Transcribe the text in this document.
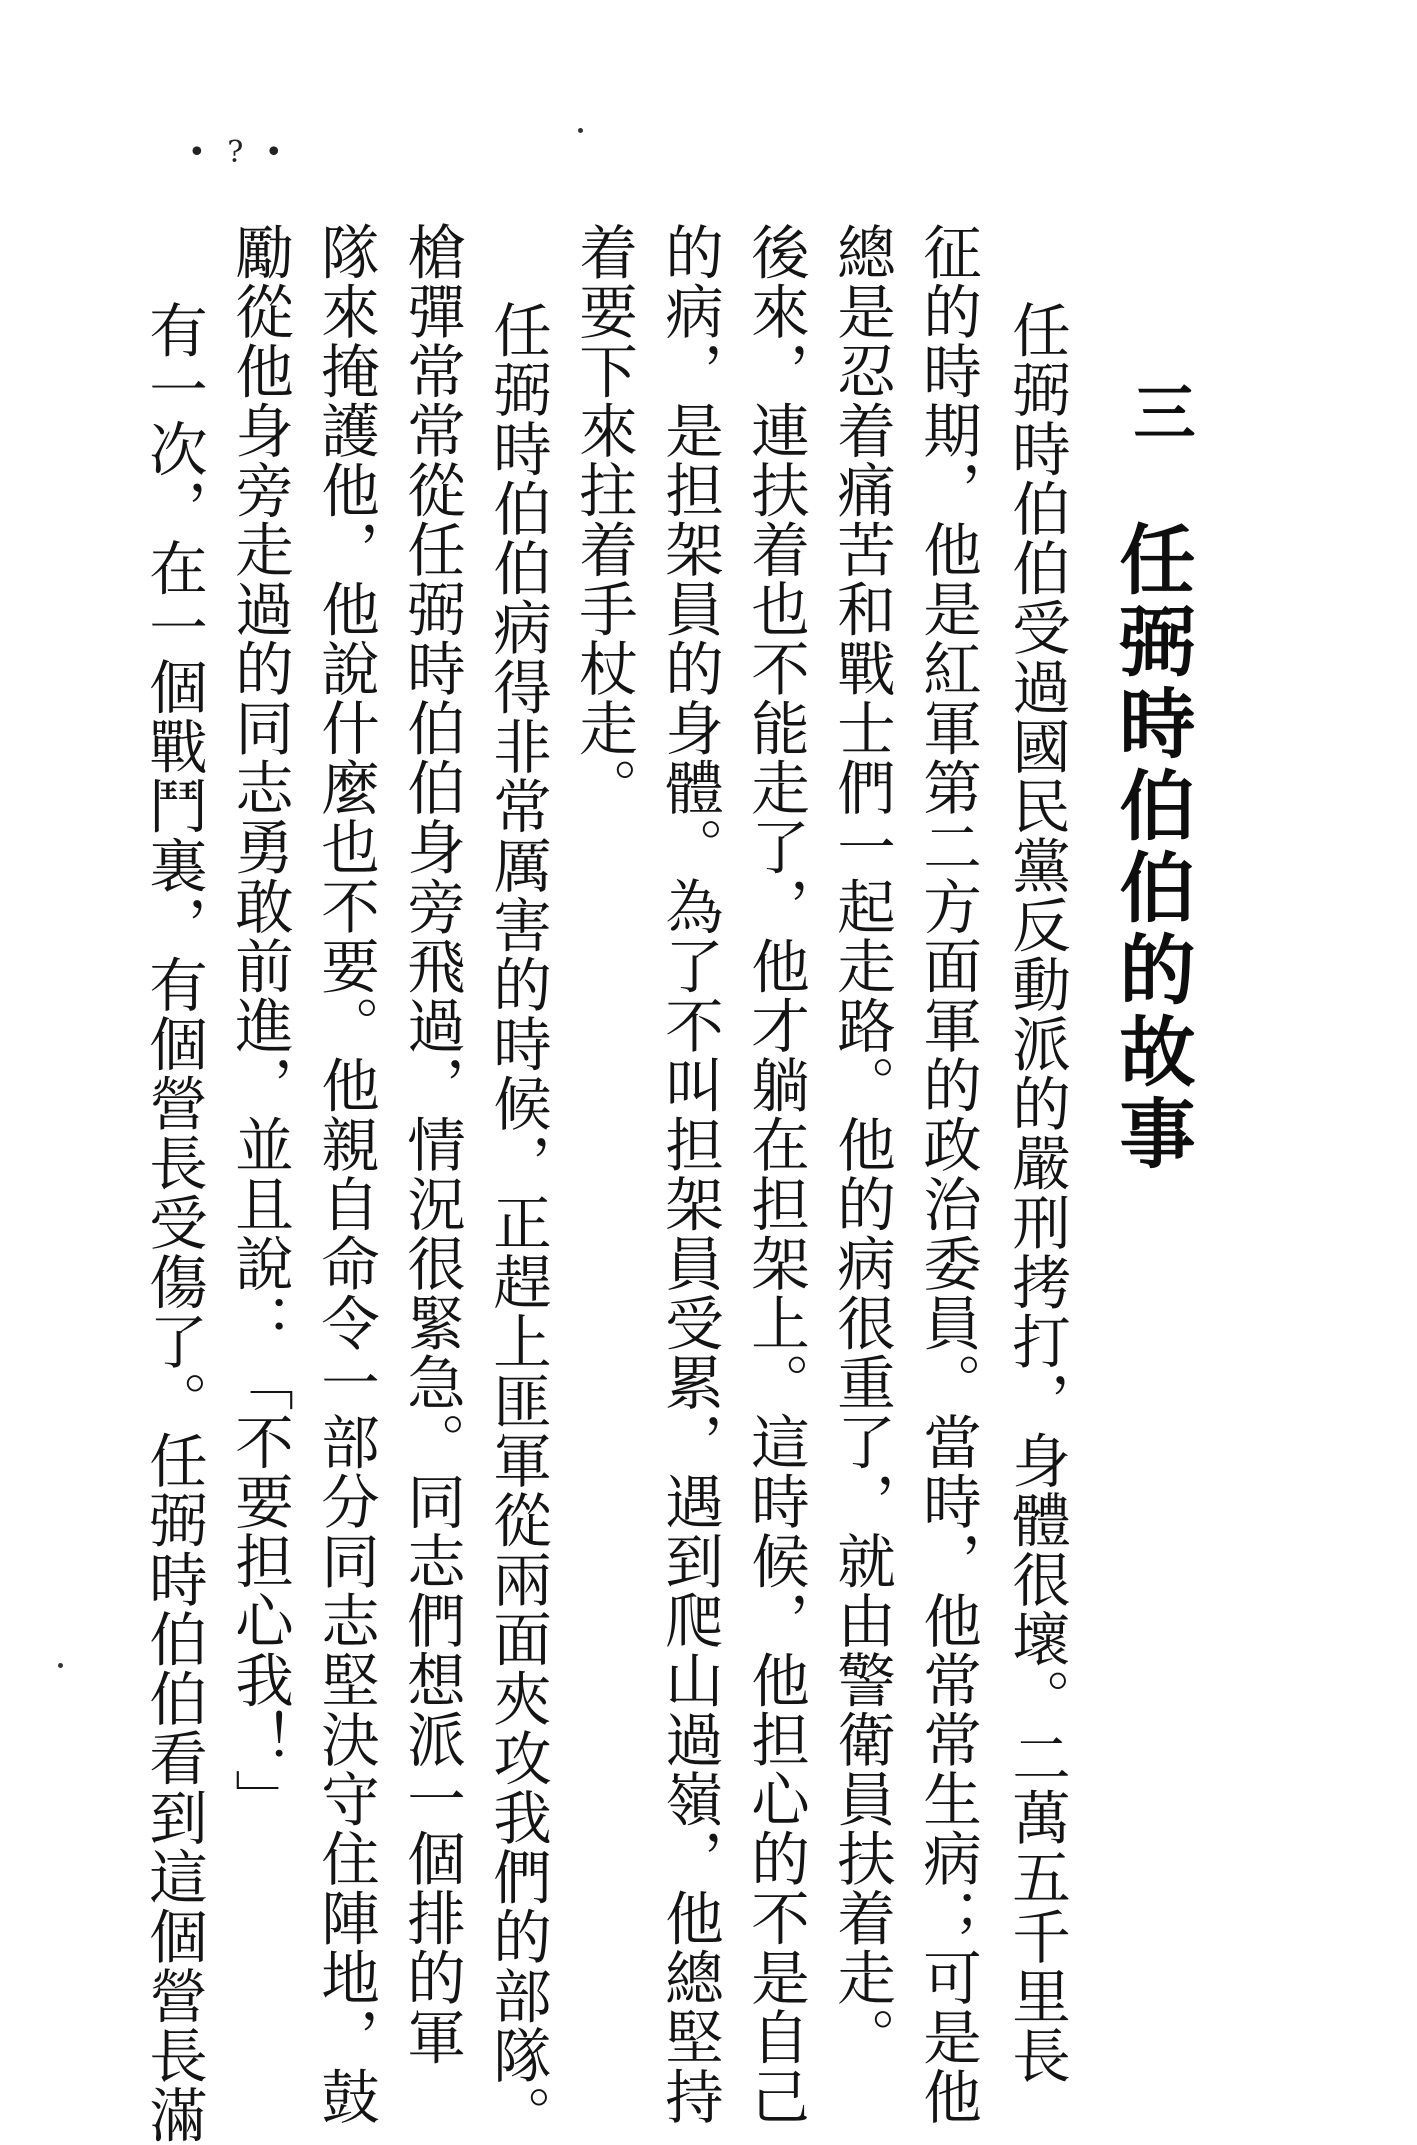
• ? •
三
任弼時伯伯的故事
任弼時伯伯受過國民黨反動派的嚴刑拷打，身體很壞。二萬五千里長
征的時期，他是紅軍第二方面軍的政治委員。當時，他常常生病；可是他
總是忍着痛苦和戰士們一起走路。他的病很重了，就由警衛員扶着走。
後來，連扶着也不能走了，他才躺在担架上。這時候，他担心的不是自己
的病，是担架員的身體。為了不叫担架員受累，遇到爬山過嶺，他總堅持
着要下來拄着手杖走。
任弼時伯伯病得非常厲害的時候，正趕上匪軍從兩面夾攻我們的部隊。
槍彈常常從任弼時伯伯身旁飛過，情況很緊急。同志們想派一個排的軍
隊來掩護他，他說什麼也不要。他親自命令一部分同志堅決守住陣地，鼓
勵從他身旁走過的同志勇敢前進，並且說：「不要担心我！」
有一次，在一個戰鬥裏，有個營長受傷了。任弼時伯伯看到這個營長滿
